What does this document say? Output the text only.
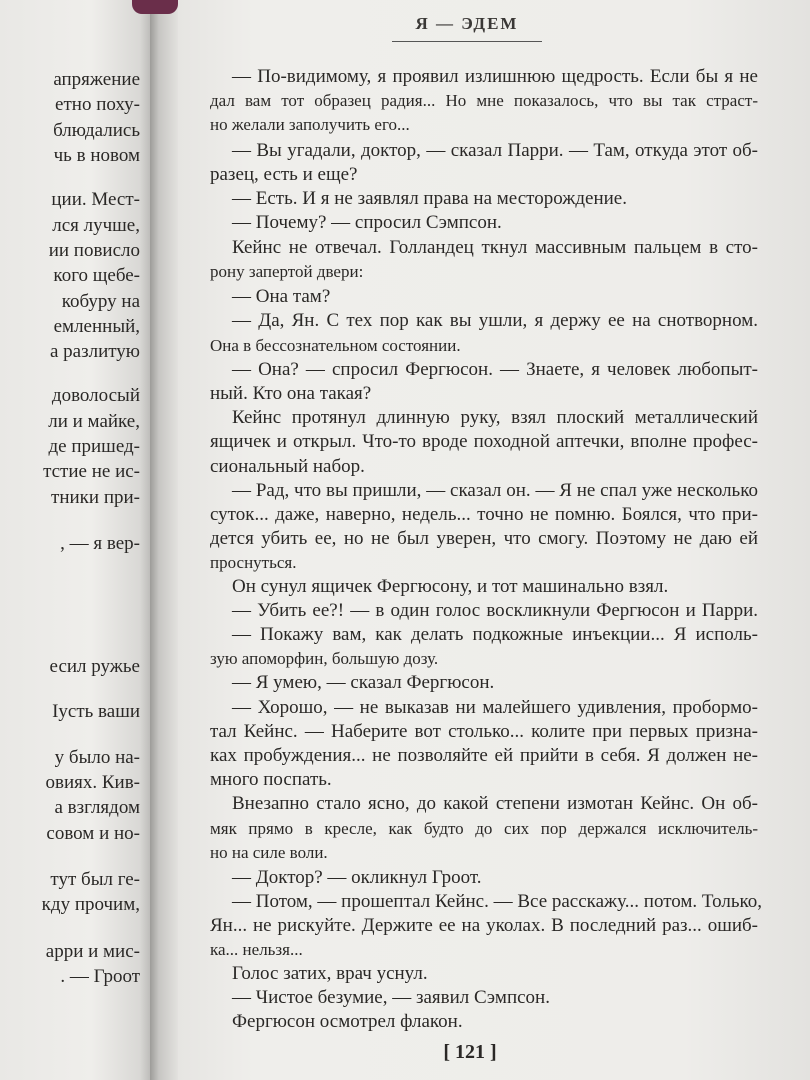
апряжение
етно поху-
блюдались
чь в новом
ции. Мест-
лся лучше,
ии повисло
кого щебе-
кобуру на
емленный,
а разлитую
доволосый
ли и майке,
де пришед-
тстие не ис-
тники при-
, — я вер-
есил ружье
Іусть ваши
у было на-
овиях. Кив-
а взглядом
совом и но-
тут был ге-
кду прочим,
арри и мис-
. — Гроот
Я — ЭДЕМ
— По-видимому, я проявил излишнюю щедрость. Если бы я не
дал вам тот образец радия... Но мне показалось, что вы так страст-
но желали заполучить его...
— Вы угадали, доктор, — сказал Парри. — Там, откуда этот об-
разец, есть и еще?
— Есть. И я не заявлял права на месторождение.
— Почему? — спросил Сэмпсон.
Кейнс не отвечал. Голландец ткнул массивным пальцем в сто-
рону запертой двери:
— Она там?
— Да, Ян. С тех пор как вы ушли, я держу ее на снотворном.
Она в бессознательном состоянии.
— Она? — спросил Фергюсон. — Знаете, я человек любопыт-
ный. Кто она такая?
Кейнс протянул длинную руку, взял плоский металлический
ящичек и открыл. Что-то вроде походной аптечки, вполне профес-
сиональный набор.
— Рад, что вы пришли, — сказал он. — Я не спал уже несколько
суток... даже, наверно, недель... точно не помню. Боялся, что при-
дется убить ее, но не был уверен, что смогу. Поэтому не даю ей
проснуться.
Он сунул ящичек Фергюсону, и тот машинально взял.
— Убить ее?! — в один голос воскликнули Фергюсон и Парри.
— Покажу вам, как делать подкожные инъекции... Я исполь-
зую апоморфин, большую дозу.
— Я умею, — сказал Фергюсон.
— Хорошо, — не выказав ни малейшего удивления, пробормо-
тал Кейнс. — Наберите вот столько... колите при первых призна-
ках пробуждения... не позволяйте ей прийти в себя. Я должен не-
много поспать.
Внезапно стало ясно, до какой степени измотан Кейнс. Он об-
мяк прямо в кресле, как будто до сих пор держался исключитель-
но на силе воли.
— Доктор? — окликнул Гроот.
— Потом, — прошептал Кейнс. — Все расскажу... потом. Только,
Ян... не рискуйте. Держите ее на уколах. В последний раз... ошиб-
ка... нельзя...
Голос затих, врач уснул.
— Чистое безумие, — заявил Сэмпсон.
Фергюсон осмотрел флакон.
[ 121 ]
